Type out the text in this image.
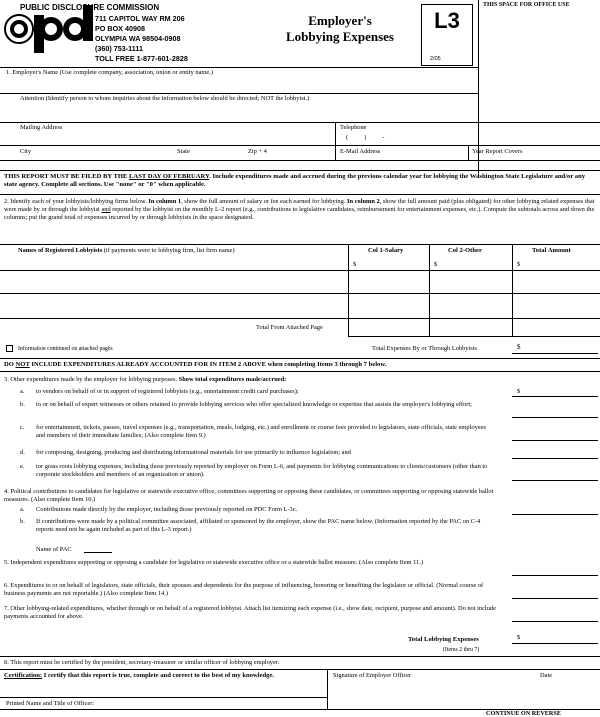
PUBLIC DISCLOSURE COMMISSION
711 CAPITOL WAY RM 206
PO BOX 40908
OLYMPIA WA 98504-0908
(360) 753-1111
TOLL FREE 1-877-601-2828
Employer's
Lobbying Expenses
L3
2/05
THIS SPACE FOR OFFICE USE
1. Employer's Name (Use complete company, association, union or entity name.)
Attention (Identify person to whom inquiries about the information below should be directed; NOT the lobbyist.)
Mailing Address	Telephone
(          )          -
City	State	Zip + 4	E-Mail Address	Year Report Covers
THIS REPORT MUST BE FILED BY THE LAST DAY OF FEBRUARY. Include expenditures made and accrued during the previous calendar year for lobbying the Washington State Legislature and/or any state agency. Complete all sections. Use "none" or "0" when applicable.
2. Identify each of your lobbyists/lobbying firms below. In column 1, show the full amount of salary or fee each earned for lobbying. In column 2, show the full amount paid (plus obligated) for other lobbying related expenses that were made by or through the lobbyist and reported by the lobbyist on the monthly L-2 report (e.g., contributions to legislative candidates, reimbursement for entertainment expenses, etc.). Compute the subtotals across and down the columns; put the grand total of expenses incurred by or through lobbyists in the space designated.
Names of Registered Lobbyists (if payments were to lobbying firm, list firm name)	Col 1-Salary	Col 2-Other	Total Amount
$	$	$
Total From Attached Page
Information continued on attached pages	Total Expenses By or Through Lobbyists	$
DO NOT INCLUDE EXPENDITURES ALREADY ACCOUNTED FOR IN ITEM 2 ABOVE when completing Items 3 through 7 below.
3. Other expenditures made by the employer for lobbying purposes. Show total expenditures made/accrued:
a. to vendors on behalf of or in support of registered lobbyists (e.g., entertainment credit card purchases);	$
b. to or on behalf of expert witnesses or others retained to provide lobbying services who offer specialized knowledge or expertise that assists the employer's lobbying effort;
c. for entertainment, tickets, passes, travel expenses (e.g., transportation, meals, lodging, etc.) and enrollment or course fees provided to legislators, state officials, state employees and members of their immediate families; (Also complete Item 9.)
d. for composing, designing, producing and distributing informational materials for use primarily to influence legislation; and
e. tor grass roots lobbying expenses, including those previously reported by employer on Form L-6, and payments for lobbying communications to clients/customers (other than to corporate stockholders and members of an organization or union).
4. Political contributions to candidates for legislative or statewide executive office, committees supporting or opposing these candidates, or committees supporting or opposing statewide ballot measures. (Also complete Item 10.)
a. Contributions made directly by the employer, including those previously reported on PDC Form L-3c.
b. If contributions were made by a political committee associated, affiliated or sponsored by the employer, show the PAC name below. (Information reported by the PAC on C-4 reports need not be again included as part of this L-3 report.)
Name of PAC
5. Independent expenditures supporting or opposing a candidate for legislative or statewide executive office or a statewide ballot measure. (Also complete Item 11.)
6. Expenditures to or on behalf of legislators, state officials, their spouses and dependents for the purpose of influencing, honoring or benefiting the legislator or official. (Normal course of business payments are not reportable.) (Also complete Item 14.)
7. Other lobbying-related expenditures, whether through or on behalf of a registered lobbyist. Attach list itemizing each expense (i.e., show date, recipient, purpose and amount). Do not include payments accounted for above.
Total Lobbying Expenses
(Items 2 thru 7)
$
8. This report must be certified by the president, secretary-treasurer or similar officer of lobbying employer.
Certification: I certify that this report is true, complete and correct to the best of my knowledge.	Signature of Employer Officer	Date
Printed Name and Title of Officer:
CONTINUE ON REVERSE
